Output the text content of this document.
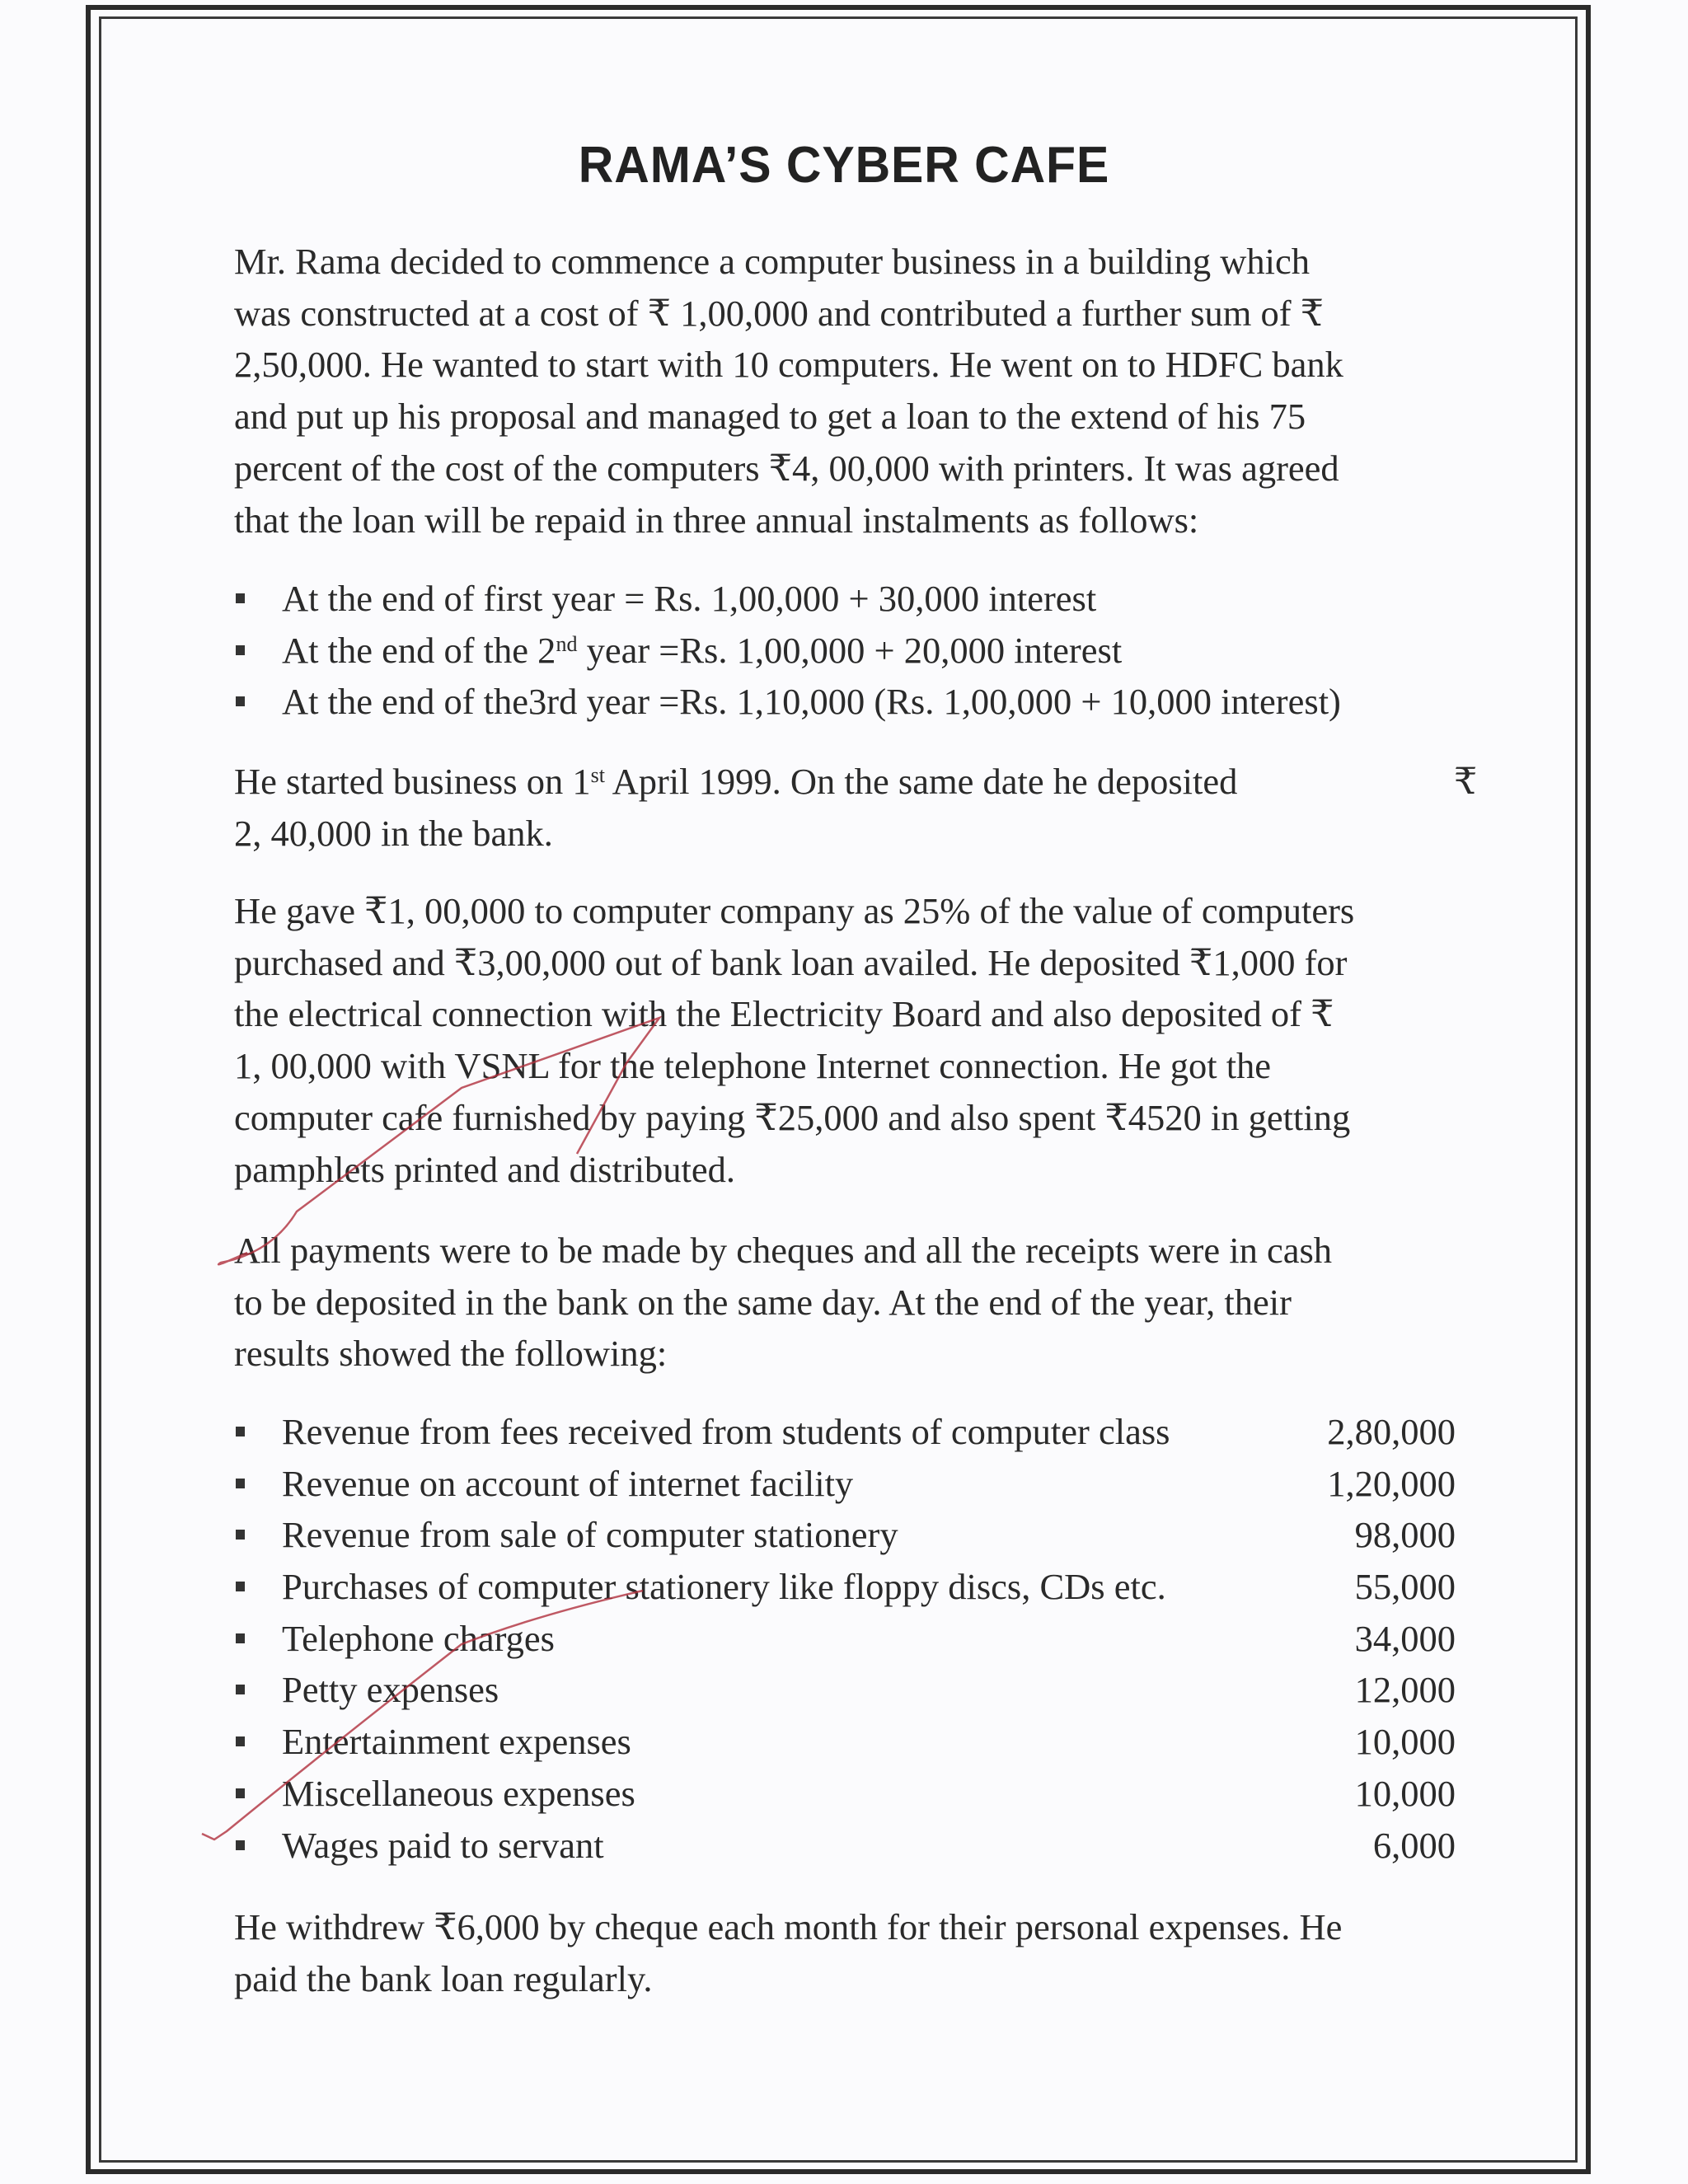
RAMA’S CYBER CAFE
Mr. Rama decided to commence a computer business in a building which
was constructed at a cost of ₹ 1,00,000 and contributed a further sum of ₹
2,50,000. He wanted to start with 10 computers. He went on to HDFC bank
and put up his proposal and managed to get a loan to the extend of his 75
percent of the cost of the computers ₹4, 00,000 with printers. It was agreed
that the loan will be repaid in three annual instalments as follows:
At the end of first year = Rs. 1,00,000 + 30,000 interest
At the end of the 2nd year =Rs. 1,00,000 + 20,000 interest
At the end of the3rd year =Rs. 1,10,000 (Rs. 1,00,000 + 10,000 interest)
He started business on 1st April 1999. On the same date he deposited	₹
2, 40,000 in the bank.
He gave ₹1, 00,000 to computer company as 25% of the value of computers
purchased and ₹3,00,000 out of bank loan availed. He deposited ₹1,000 for
the electrical connection with the Electricity Board and also deposited of ₹
1, 00,000 with VSNL for the telephone Internet connection. He got the
computer cafe furnished by paying ₹25,000 and also spent ₹4520 in getting
pamphlets printed and distributed.
All payments were to be made by cheques and all the receipts were in cash
to be deposited in the bank on the same day. At the end of the year, their
results showed the following:
Revenue from fees received from students of computer class	2,80,000
Revenue on account of internet facility	1,20,000
Revenue from sale of computer stationery	98,000
Purchases of computer stationery like floppy discs, CDs etc.	55,000
Telephone charges	34,000
Petty expenses	12,000
Entertainment expenses	10,000
Miscellaneous expenses	10,000
Wages paid to servant	6,000
He withdrew ₹6,000 by cheque each month for their personal expenses. He
paid the bank loan regularly.
